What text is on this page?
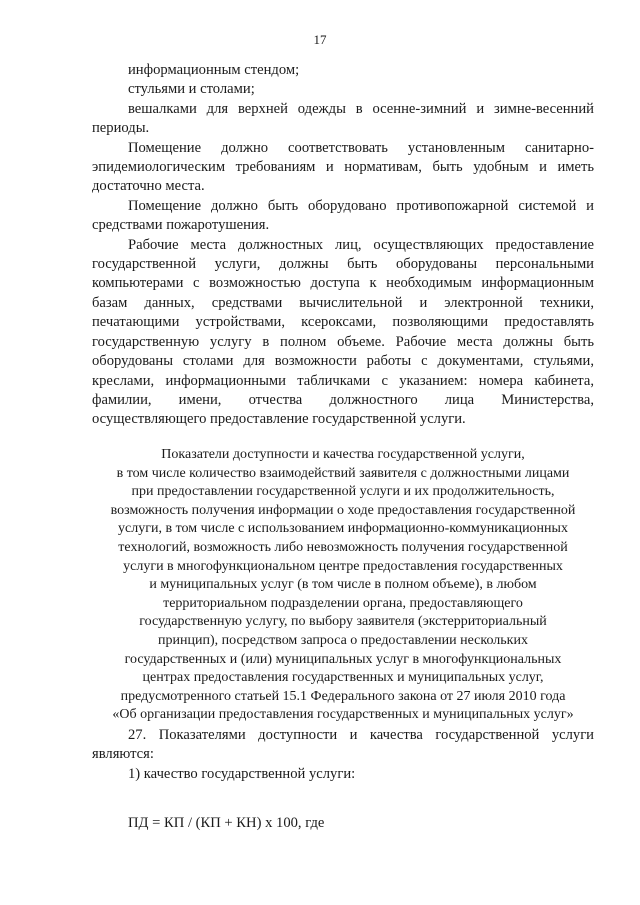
17

информационным стендом;

стульями и столами;

вешалками для верхней одежды в осенне-зимний и зимне-весенний периоды.

Помещение должно соответствовать установленным санитарно-эпидемиологическим требованиям и нормативам, быть удобным и иметь достаточно места.

Помещение должно быть оборудовано противопожарной системой и средствами пожаротушения.

Рабочие места должностных лиц, осуществляющих предоставление государственной услуги, должны быть оборудованы персональными компьютерами с возможностью доступа к необходимым информационным базам данных, средствами вычислительной и электронной техники, печатающими устройствами, ксероксами, позволяющими предоставлять государственную услугу в полном объеме. Рабочие места должны быть оборудованы столами для возможности работы с документами, стульями, креслами, информационными табличками с указанием: номера кабинета, фамилии, имени, отчества должностного лица Министерства, осуществляющего предоставление государственной услуги.

Показатели доступности и качества государственной услуги,
в том числе количество взаимодействий заявителя с должностными лицами
при предоставлении государственной услуги и их продолжительность,
возможность получения информации о ходе предоставления государственной
услуги, в том числе с использованием информационно-коммуникационных
технологий, возможность либо невозможность получения государственной
услуги в многофункциональном центре предоставления государственных
и муниципальных услуг (в том числе в полном объеме), в любом
территориальном подразделении органа, предоставляющего
государственную услугу, по выбору заявителя (экстерриториальный
принцип), посредством запроса о предоставлении нескольких
государственных и (или) муниципальных услуг в многофункциональных
центрах предоставления государственных и муниципальных услуг,
предусмотренного статьей 15.1 Федерального закона от 27 июля 2010 года
«Об организации предоставления государственных и муниципальных услуг»

27. Показателями доступности и качества государственной услуги являются:

1) качество государственной услуги:

ПД = КП / (КП + КН) х 100, где
